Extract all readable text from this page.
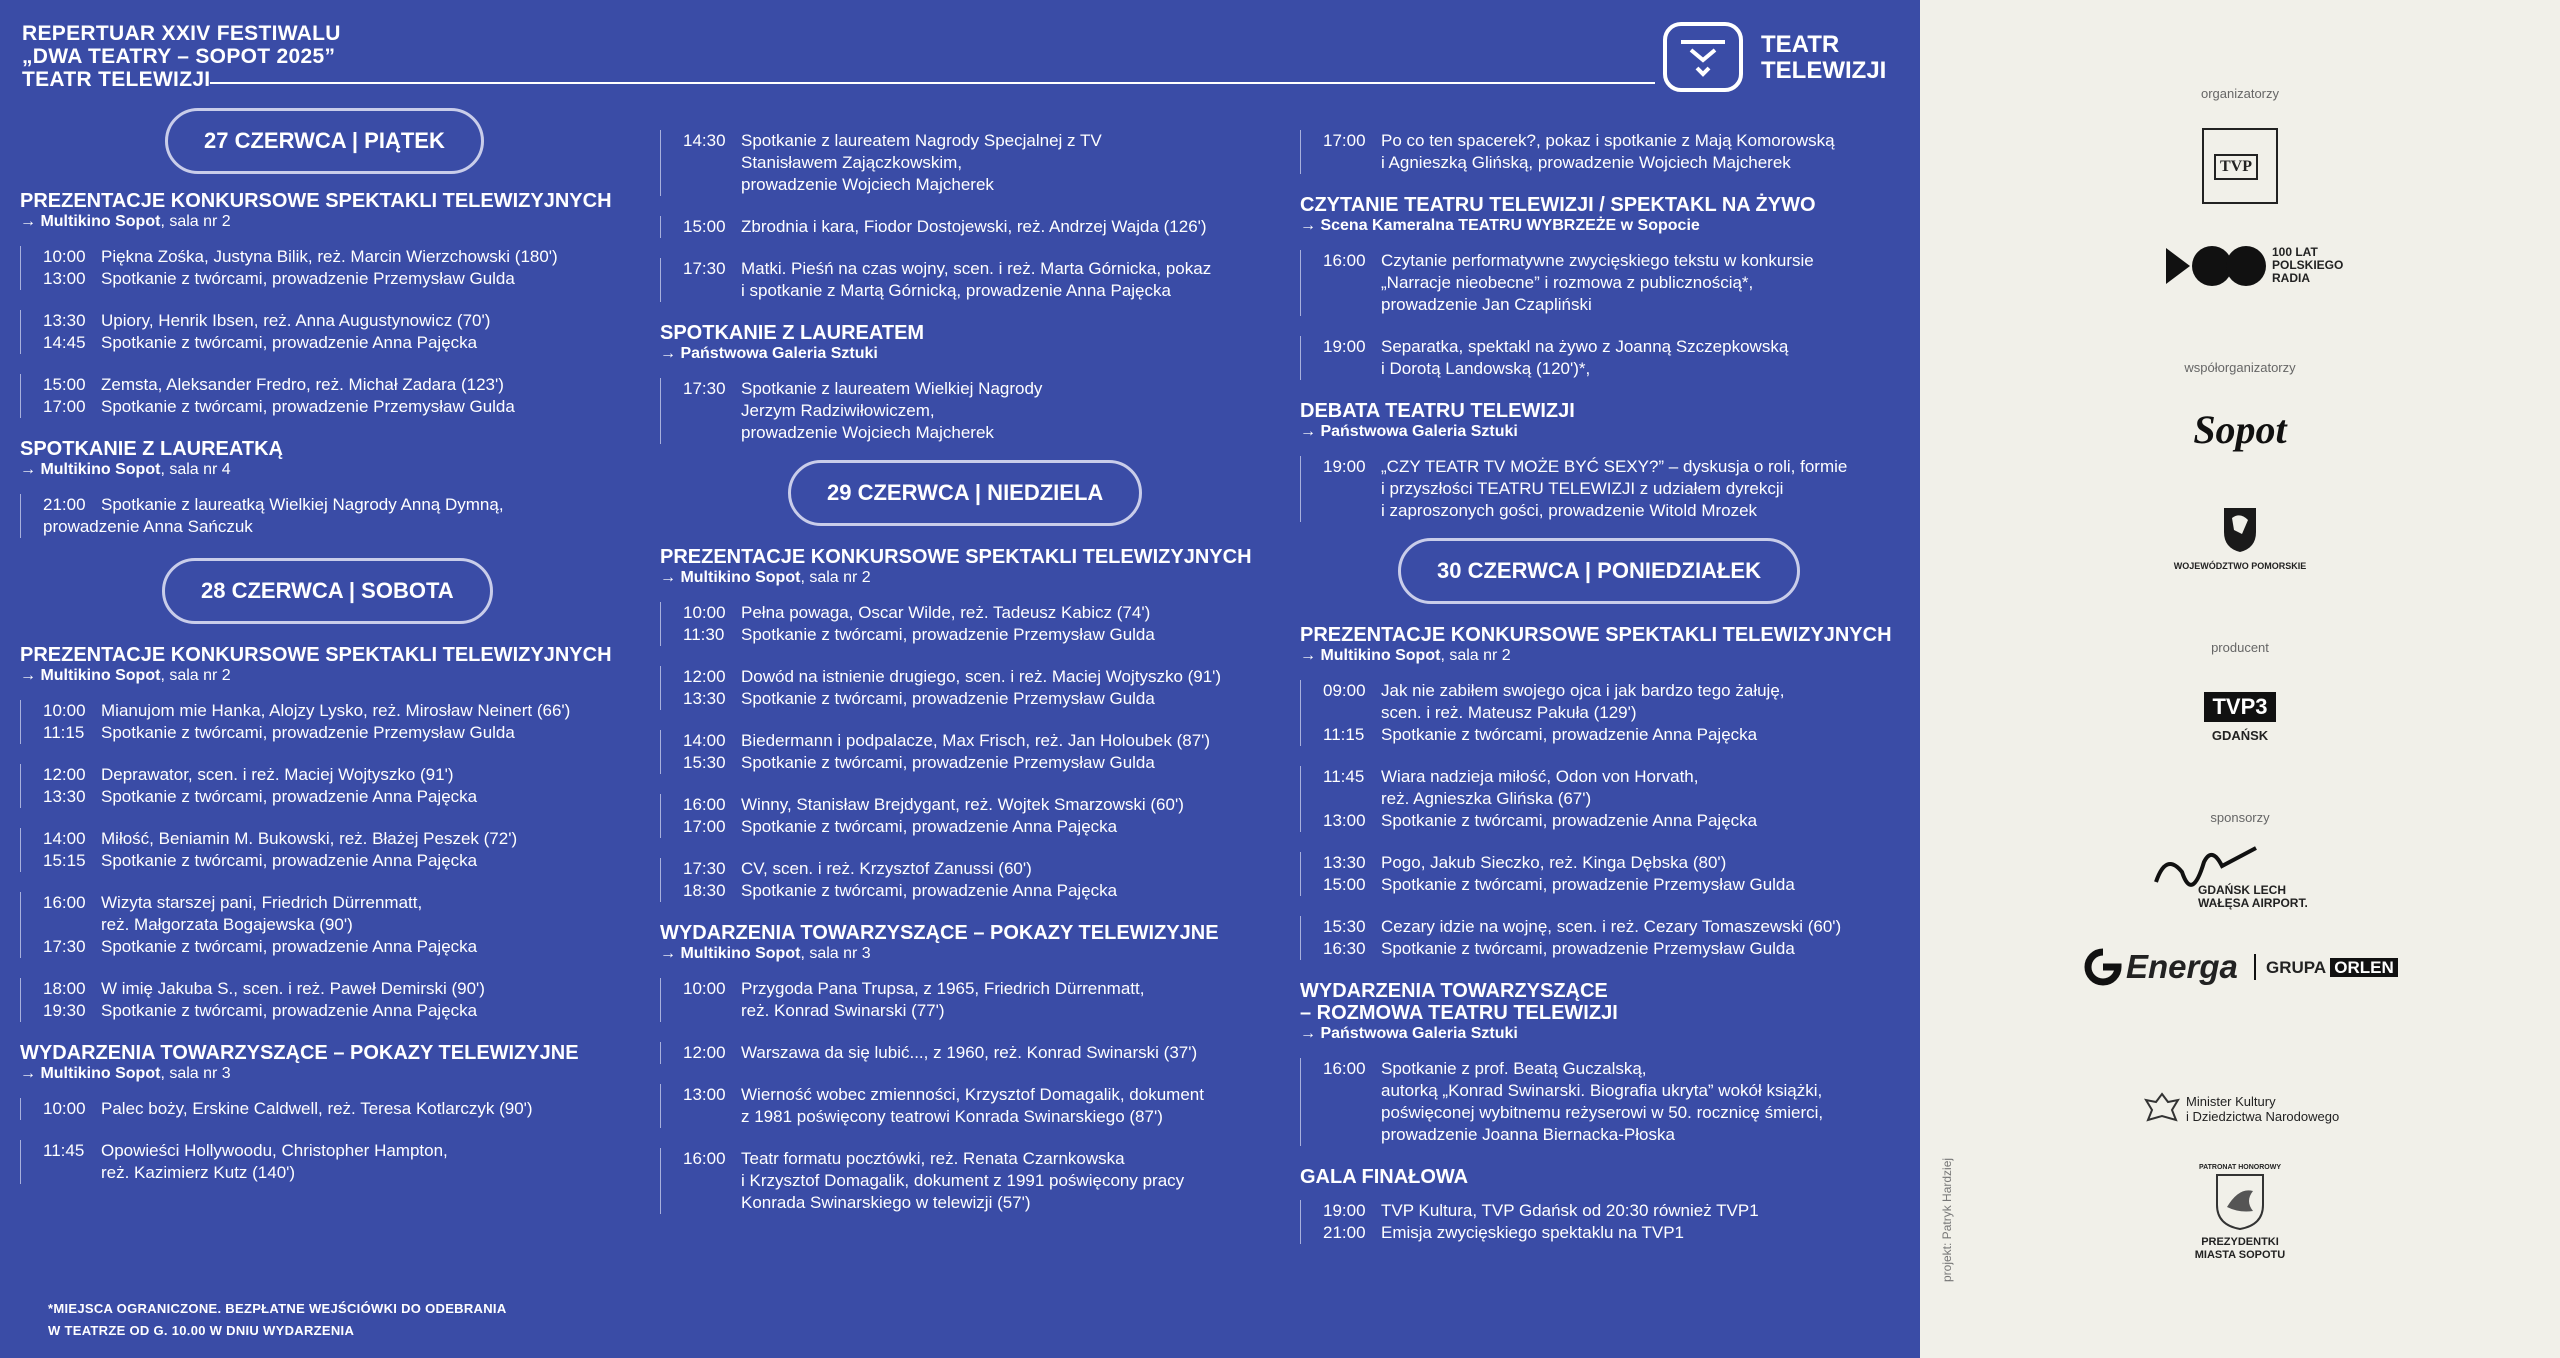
REPERTUAR XXIV FESTIWALU
„DWA TEATRY – SOPOT 2025”
TEATR TELEWIZJI
TEATR
TELEWIZJI
27 CZERWCA | PIĄTEK
PREZENTACJE KONKURSOWE SPEKTAKLI TELEWIZYJNYCH
→ Multikino Sopot, sala nr 2
10:00 Piękna Zośka, Justyna Bilik, reż. Marcin Wierzchowski (180')
13:00 Spotkanie z twórcami, prowadzenie Przemysław Gulda
13:30 Upiory, Henrik Ibsen, reż. Anna Augustynowicz (70')
14:45 Spotkanie z twórcami, prowadzenie Anna Pajęcka
15:00 Zemsta, Aleksander Fredro, reż. Michał Zadara (123')
17:00 Spotkanie z twórcami, prowadzenie Przemysław Gulda
SPOTKANIE Z LAUREATKĄ
→ Multikino Sopot, sala nr 4
21:00 Spotkanie z laureatką Wielkiej Nagrody Anną Dymną,
prowadzenie Anna Sańczuk
28 CZERWCA | SOBOTA
PREZENTACJE KONKURSOWE SPEKTAKLI TELEWIZYJNYCH
→ Multikino Sopot, sala nr 2
10:00 Mianujom mie Hanka, Alojzy Lysko, reż. Mirosław Neinert (66')
11:15 Spotkanie z twórcami, prowadzenie Przemysław Gulda
12:00 Deprawator, scen. i reż. Maciej Wojtyszko (91')
13:30 Spotkanie z twórcami, prowadzenie Anna Pajęcka
14:00 Miłość, Beniamin M. Bukowski, reż. Błażej Peszek (72')
15:15 Spotkanie z twórcami, prowadzenie Anna Pajęcka
16:00 Wizyta starszej pani, Friedrich Dürrenmatt,
reż. Małgorzata Bogajewska (90')
17:30 Spotkanie z twórcami, prowadzenie Anna Pajęcka
18:00 W imię Jakuba S., scen. i reż. Paweł Demirski (90')
19:30 Spotkanie z twórcami, prowadzenie Anna Pajęcka
WYDARZENIA TOWARZYSZĄCE – POKAZY TELEWIZYJNE
→ Multikino Sopot, sala nr 3
10:00 Palec boży, Erskine Caldwell, reż. Teresa Kotlarczyk (90')
11:45 Opowieści Hollywoodu, Christopher Hampton,
reż. Kazimierz Kutz (140')
14:30 Spotkanie z laureatem Nagrody Specjalnej z TV
Stanisławem Zajączkowskim,
prowadzenie Wojciech Majcherek
15:00 Zbrodnia i kara, Fiodor Dostojewski, reż. Andrzej Wajda (126')
17:30 Matki. Pieśń na czas wojny, scen. i reż. Marta Górnicka, pokaz
i spotkanie z Martą Górnicką, prowadzenie Anna Pajęcka
SPOTKANIE Z LAUREATEM
→ Państwowa Galeria Sztuki
17:30 Spotkanie z laureatem Wielkiej Nagrody
Jerzym Radziwiłowiczem,
prowadzenie Wojciech Majcherek
29 CZERWCA | NIEDZIELA
PREZENTACJE KONKURSOWE SPEKTAKLI TELEWIZYJNYCH
→ Multikino Sopot, sala nr 2
10:00 Pełna powaga, Oscar Wilde, reż. Tadeusz Kabicz (74')
11:30 Spotkanie z twórcami, prowadzenie Przemysław Gulda
12:00 Dowód na istnienie drugiego, scen. i reż. Maciej Wojtyszko (91')
13:30 Spotkanie z twórcami, prowadzenie Przemysław Gulda
14:00 Biedermann i podpalacze, Max Frisch, reż. Jan Holoubek (87')
15:30 Spotkanie z twórcami, prowadzenie Przemysław Gulda
16:00 Winny, Stanisław Brejdygant, reż. Wojtek Smarzowski (60')
17:00 Spotkanie z twórcami, prowadzenie Anna Pajęcka
17:30 CV, scen. i reż. Krzysztof Zanussi (60')
18:30 Spotkanie z twórcami, prowadzenie Anna Pajęcka
WYDARZENIA TOWARZYSZĄCE – POKAZY TELEWIZYJNE
→ Multikino Sopot, sala nr 3
10:00 Przygoda Pana Trupsa, z 1965, Friedrich Dürrenmatt,
reż. Konrad Swinarski (77')
12:00 Warszawa da się lubić..., z 1960, reż. Konrad Swinarski (37')
13:00 Wierność wobec zmienności, Krzysztof Domagalik, dokument
z 1981 poświęcony teatrowi Konrada Swinarskiego (87')
16:00 Teatr formatu pocztówki, reż. Renata Czarnkowska
i Krzysztof Domagalik, dokument z 1991 poświęcony pracy
Konrada Swinarskiego w telewizji (57')
17:00 Po co ten spacerek?, pokaz i spotkanie z Mają Komorowską
i Agnieszką Glińską, prowadzenie Wojciech Majcherek
CZYTANIE TEATRU TELEWIZJI / SPEKTAKL NA ŻYWO
→ Scena Kameralna TEATRU WYBRZEŻE w Sopocie
16:00 Czytanie performatywne zwycięskiego tekstu w konkursie
„Narracje nieobecne” i rozmowa z publicznością*,
prowadzenie Jan Czapliński
19:00 Separatka, spektakl na żywo z Joanną Szczepkowską
i Dorotą Landowską (120')*,
DEBATA TEATRU TELEWIZJI
→ Państwowa Galeria Sztuki
19:00 „CZY TEATR TV MOŻE BYĆ SEXY?” – dyskusja o roli, formie
i przyszłości TEATRU TELEWIZJI z udziałem dyrekcji
i zaproszonych gości, prowadzenie Witold Mrozek
30 CZERWCA | PONIEDZIAŁEK
PREZENTACJE KONKURSOWE SPEKTAKLI TELEWIZYJNYCH
→ Multikino Sopot, sala nr 2
09:00 Jak nie zabiłem swojego ojca i jak bardzo tego żałuję,
scen. i reż. Mateusz Pakuła (129')
11:15 Spotkanie z twórcami, prowadzenie Anna Pajęcka
11:45 Wiara nadzieja miłość, Odon von Horvath,
reż. Agnieszka Glińska (67')
13:00 Spotkanie z twórcami, prowadzenie Anna Pajęcka
13:30 Pogo, Jakub Sieczko, reż. Kinga Dębska (80')
15:00 Spotkanie z twórcami, prowadzenie Przemysław Gulda
15:30 Cezary idzie na wojnę, scen. i reż. Cezary Tomaszewski (60')
16:30 Spotkanie z twórcami, prowadzenie Przemysław Gulda
WYDARZENIA TOWARZYSZĄCE
– ROZMOWA TEATRU TELEWIZJI
→ Państwowa Galeria Sztuki
16:00 Spotkanie z prof. Beatą Guczalską,
autorką „Konrad Swinarski. Biografia ukryta” wokół książki,
poświęconej wybitnemu reżyserowi w 50. rocznicę śmierci,
prowadzenie Joanna Biernacka-Płoska
GALA FINAŁOWA
19:00 TVP Kultura, TVP Gdańsk od 20:30 również TVP1
21:00 Emisja zwycięskiego spektaklu na TVP1
*MIEJSCA OGRANICZONE. BEZPŁATNE WEJŚCIÓWKI DO ODEBRANIA
W TEATRZE OD G. 10.00 W DNIU WYDARZENIA
organizatorzy
TVP
100 LAT
POLSKIEGO
RADIA
współorganizatorzy
Sopot
WOJEWÓDZTWO POMORSKIE
producent
TVP3
GDAŃSK
sponsorzy
GDAŃSK LECH
WAŁĘSA AIRPORT.
Energa GRUPA ORLEN
Minister Kultury
i Dziedzictwa Narodowego
PATRONAT HONOROWY
PREZYDENTKI
MIASTA SOPOTU
projekt: Patryk Hardziej
